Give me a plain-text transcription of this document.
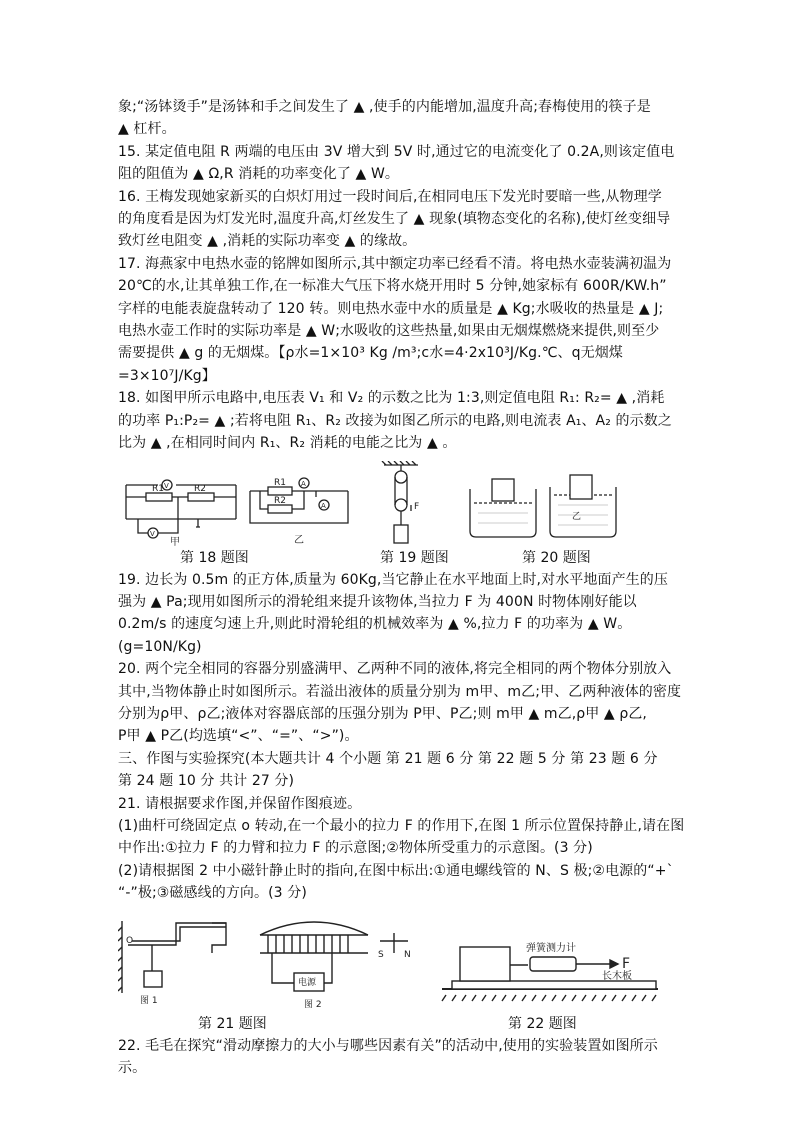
象;“汤钵烫手”是汤钵和手之间发生了 ▲ ,使手的内能增加,温度升高;春梅使用的筷子是
▲ 杠杆。
15. 某定值电阻 R 两端的电压由 3V 增大到 5V 时,通过它的电流变化了 0.2A,则该定值电
阻的阻值为 ▲ Ω,R 消耗的功率变化了 ▲ W。
16. 王梅发现她家新买的白炽灯用过一段时间后,在相同电压下发光时要暗一些,从物理学
的角度看是因为灯发光时,温度升高,灯丝发生了 ▲ 现象(填物态变化的名称),使灯丝变细导
致灯丝电阻变 ▲ ,消耗的实际功率变 ▲ 的缘故。
17. 海燕家中电热水壶的铭牌如图所示,其中额定功率已经看不清。将电热水壶装满初温为
20℃的水,让其单独工作,在一标准大气压下将水烧开用时 5 分钟,她家标有 600R/KW.h”
字样的电能表旋盘转动了 120 转。则电热水壶中水的质量是 ▲ Kg;水吸收的热量是 ▲ J;
电热水壶工作时的实际功率是 ▲ W;水吸收的这些热量,如果由无烟煤燃烧来提供,则至少
需要提供 ▲ g 的无烟煤。【ρ水=1×10³ Kg /m³;c水=4·2x10³J/Kg.℃、q无烟煤
=3×10⁷J/Kg】
18. 如图甲所示电路中,电压表 V₁ 和 V₂ 的示数之比为 1:3,则定值电阻 R₁: R₂= ▲ ,消耗
的功率 P₁:P₂= ▲ ;若将电阻 R₁、R₂ 改接为如图乙所示的电路,则电流表 A₁、A₂ 的示数之
比为 ▲ ,在相同时间内 R₁、R₂ 消耗的电能之比为 ▲ 。
R1	R2
V
V
R1
R2
A
A	F
乙
甲	乙
第 18 题图	第 19 题图	第 20 题图
19. 边长为 0.5m 的正方体,质量为 60Kg,当它静止在水平地面上时,对水平地面产生的压
强为 ▲ Pa;现用如图所示的滑轮组来提升该物体,当拉力 F 为 400N 时物体刚好能以
0.2m/s 的速度匀速上升,则此时滑轮组的机械效率为 ▲ %,拉力 F 的功率为 ▲ W。
(g=10N/Kg)
20. 两个完全相同的容器分别盛满甲、乙两种不同的液体,将完全相同的两个物体分别放入
其中,当物体静止时如图所示。若溢出液体的质量分别为 m甲、m乙;甲、乙两种液体的密度
分别为ρ甲、ρ乙;液体对容器底部的压强分别为 P甲、P乙;则 m甲 ▲ m乙,ρ甲 ▲ ρ乙,
P甲 ▲ P乙(均选填“<”、“=”、“>”)。
三、作图与实验探究(本大题共计 4 个小题 第 21 题 6 分 第 22 题 5 分 第 23 题 6 分
第 24 题 10 分 共计 27 分)
21. 请根据要求作图,并保留作图痕迹。
(1)曲杆可绕固定点 o 转动,在一个最小的拉力 F 的作用下,在图 1 所示位置保持静止,请在图
中作出:①拉力 F 的力臂和拉力 F 的示意图;②物体所受重力的示意图。(3 分)
(2)请根据图 2 中小磁针静止时的指向,在图中标出:①通电螺线管的 N、S 极;②电源的“+`
“-”极;③磁感线的方向。(3 分)
O
图 1	图 2
电源
S N
弹簧测力计
长木板
F
第 21 题图	第 22 题图
22. 毛毛在探究“滑动摩擦力的大小与哪些因素有关”的活动中,使用的实验装置如图所示
示。
